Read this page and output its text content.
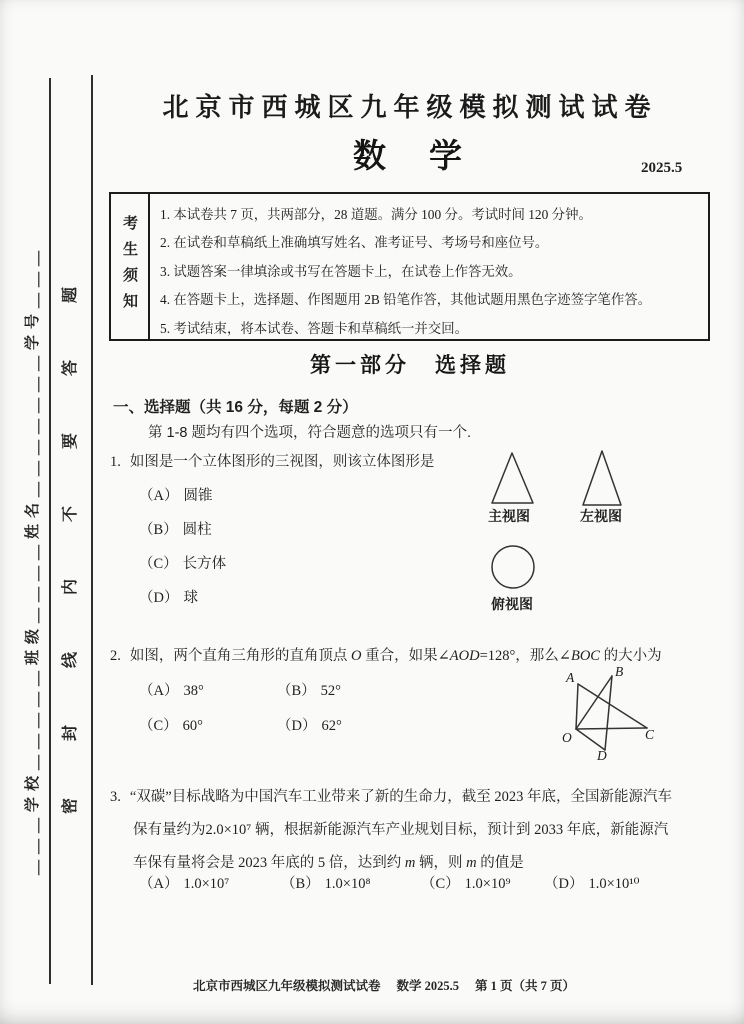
＿＿＿学校＿＿＿＿＿班级＿＿＿＿姓名＿＿＿＿＿＿＿学号＿＿＿	密封线内不要答题
北京市西城区九年级模拟测试试卷
数　学	2025.5
考生须知 1. 本试卷共 7 页，共两部分，28 道题。满分 100 分。考试时间 120 分钟。
2. 在试卷和草稿纸上准确填写姓名、准考证号、考场号和座位号。
3. 试题答案一律填涂或书写在答题卡上，在试卷上作答无效。
4. 在答题卡上，选择题、作图题用 2B 铅笔作答，其他试题用黑色字迹签字笔作答。
5. 考试结束，将本试卷、答题卡和草稿纸一并交回。
第一部分　选择题
一、选择题（共 16 分，每题 2 分）
第 1-8 题均有四个选项，符合题意的选项只有一个.
1. 如图是一个立体图形的三视图，则该立体图形是
（A） 圆锥
（B） 圆柱
（C） 长方体
（D） 球
主视图	左视图
俯视图
2. 如图，两个直角三角形的直角顶点 O 重合，如果∠AOD=128°，那么∠BOC 的大小为
（A） 38°	（B） 52°
（C） 60°	（D） 62°
A	B
O	C
D
3. “双碳”目标战略为中国汽车工业带来了新的生命力，截至 2023 年底，全国新能源汽车
保有量约为2.0×10⁷ 辆，根据新能源汽车产业规划目标，预计到 2033 年底，新能源汽
车保有量将会是 2023 年底的 5 倍，达到约 m 辆，则 m 的值是
（A） 1.0×10⁷	（B） 1.0×10⁸	（C） 1.0×10⁹ （D） 1.0×10¹⁰
北京市西城区九年级模拟测试试卷 数学 2025.5 第 1 页（共 7 页）
